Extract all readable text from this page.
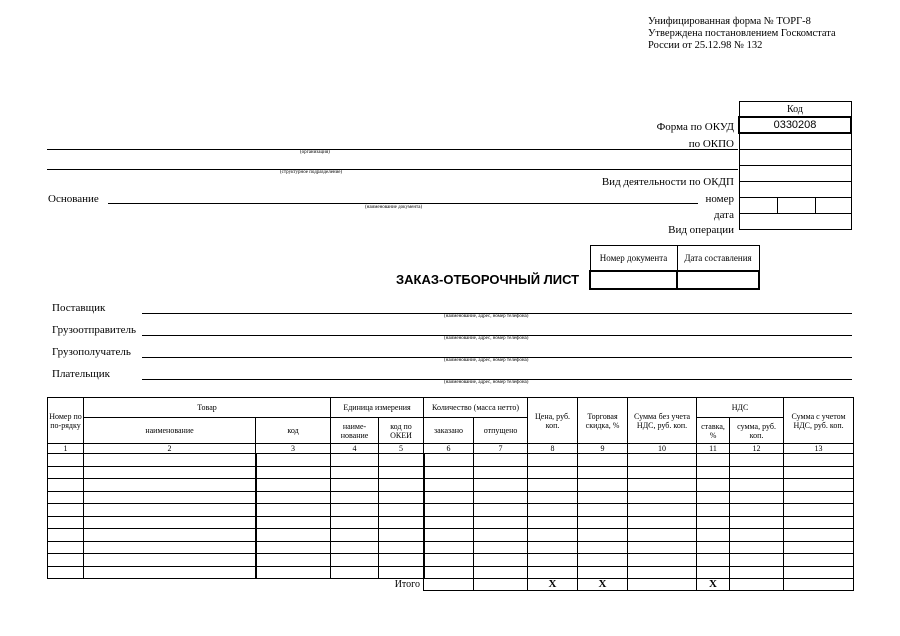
Унифицированная форма № ТОРГ-8
Утверждена постановлением Госкомстата
России от 25.12.98 № 132
Код
0330208

Форма по ОКУД
по ОКПО
Вид деятельности по ОКДП
номер
дата
Вид операции
(организация)
(структурное подразделение)
Основание
(наименование документа)
Номер документа	Дата составления

ЗАКАЗ-ОТБОРОЧНЫЙ ЛИСТ
Поставщик
(наименование, адрес, номер телефона)
Грузоотправитель
(наименование, адрес, номер телефона)
Грузополучатель
(наименование, адрес, номер телефона)
Плательщик
(наименование, адрес, номер телефона)
Номер по по-рядку	Товар		Единица измерения		Количество (масса нетто)		Цена, руб. коп.	Торговая скидка, %	Сумма без учета НДС, руб. коп.	НДС		Сумма с учетом НДС, руб. коп.
	наименование	код	наиме-нование	код по ОКЕИ	заказано	отпущено				ставка, %	сумма, руб. коп.	
1	2	3	4	5	6	7	8	9	10	11	12	13

Итого							X	X		X		
